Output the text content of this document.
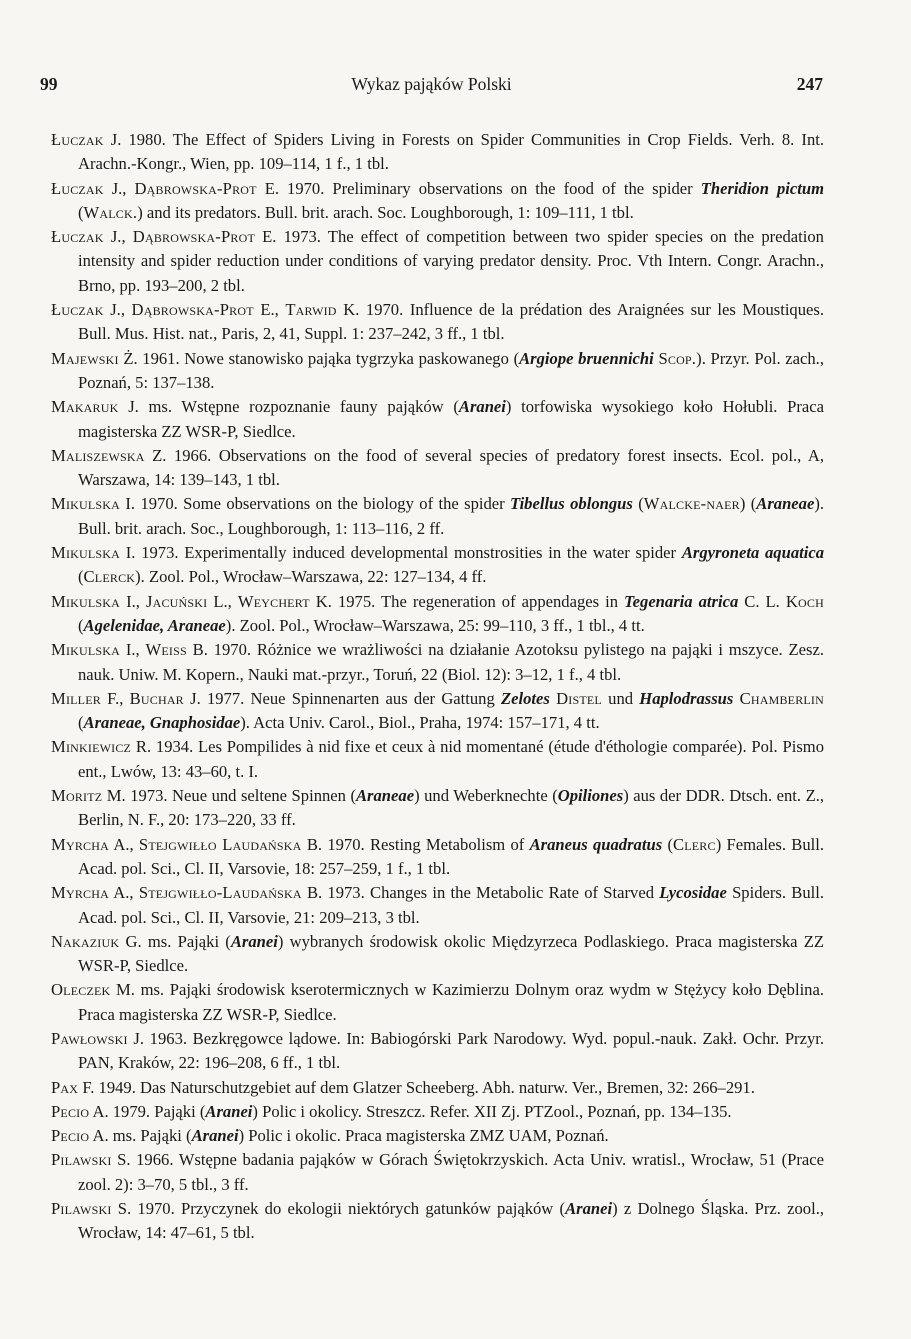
99	Wykaz pająków Polski	247

Łuczak J. 1980. The Effect of Spiders Living in Forests on Spider Communities in Crop Fields. Verh. 8. Int. Arachn.-Kongr., Wien, pp. 109–114, 1 f., 1 tbl.

Łuczak J., Dąbrowska-Prot E. 1970. Preliminary observations on the food of the spider Theridion pictum (Walck.) and its predators. Bull. brit. arach. Soc. Loughborough, 1: 109–111, 1 tbl.

Łuczak J., Dąbrowska-Prot E. 1973. The effect of competition between two spider species on the predation intensity and spider reduction under conditions of varying predator density. Proc. Vth Intern. Congr. Arachn., Brno, pp. 193–200, 2 tbl.

Łuczak J., Dąbrowska-Prot E., Tarwid K. 1970. Influence de la prédation des Araignées sur les Moustiques. Bull. Mus. Hist. nat., Paris, 2, 41, Suppl. 1: 237–242, 3 ff., 1 tbl.

Majewski Ż. 1961. Nowe stanowisko pająka tygrzyka paskowanego (Argiope bruennichi Scop.). Przyr. Pol. zach., Poznań, 5: 137–138.

Makaruk J. ms. Wstępne rozpoznanie fauny pająków (Aranei) torfowiska wysokiego koło Hołubli. Praca magisterska ZZ WSR-P, Siedlce.

Maliszewska Z. 1966. Observations on the food of several species of predatory forest insects. Ecol. pol., A, Warszawa, 14: 139–143, 1 tbl.

Mikulska I. 1970. Some observations on the biology of the spider Tibellus oblongus (Walcke-naer) (Araneae). Bull. brit. arach. Soc., Loughborough, 1: 113–116, 2 ff.

Mikulska I. 1973. Experimentally induced developmental monstrosities in the water spider Argyroneta aquatica (Clerck). Zool. Pol., Wrocław–Warszawa, 22: 127–134, 4 ff.

Mikulska I., Jacuński L., Weychert K. 1975. The regeneration of appendages in Tegenaria atrica C. L. Koch (Agelenidae, Araneae). Zool. Pol., Wrocław–Warszawa, 25: 99–110, 3 ff., 1 tbl., 4 tt.

Mikulska I., Weiss B. 1970. Różnice we wrażliwości na działanie Azotoksu pylistego na pająki i mszyce. Zesz. nauk. Uniw. M. Kopern., Nauki mat.-przyr., Toruń, 22 (Biol. 12): 3–12, 1 f., 4 tbl.

Miller F., Buchar J. 1977. Neue Spinnenarten aus der Gattung Zelotes Distel und Haplodrassus Chamberlin (Araneae, Gnaphosidae). Acta Univ. Carol., Biol., Praha, 1974: 157–171, 4 tt.

Minkiewicz R. 1934. Les Pompilides à nid fixe et ceux à nid momentané (étude d'éthologie comparée). Pol. Pismo ent., Lwów, 13: 43–60, t. I.

Moritz M. 1973. Neue und seltene Spinnen (Araneae) und Weberknechte (Opiliones) aus der DDR. Dtsch. ent. Z., Berlin, N. F., 20: 173–220, 33 ff.

Myrcha A., Stejgwiłło Laudańska B. 1970. Resting Metabolism of Araneus quadratus (Clerc) Females. Bull. Acad. pol. Sci., Cl. II, Varsovie, 18: 257–259, 1 f., 1 tbl.

Myrcha A., Stejgwiłło-Laudańska B. 1973. Changes in the Metabolic Rate of Starved Lycosidae Spiders. Bull. Acad. pol. Sci., Cl. II, Varsovie, 21: 209–213, 3 tbl.

Nakaziuk G. ms. Pająki (Aranei) wybranych środowisk okolic Międzyrzeca Podlaskiego. Praca magisterska ZZ WSR-P, Siedlce.

Oleczek M. ms. Pająki środowisk kserotermicznych w Kazimierzu Dolnym oraz wydm w Stężycy koło Dęblina. Praca magisterska ZZ WSR-P, Siedlce.

Pawłowski J. 1963. Bezkręgowce lądowe. In: Babiogórski Park Narodowy. Wyd. popul.-nauk. Zakł. Ochr. Przyr. PAN, Kraków, 22: 196–208, 6 ff., 1 tbl.

Pax F. 1949. Das Naturschutzgebiet auf dem Glatzer Scheeberg. Abh. naturw. Ver., Bremen, 32: 266–291.

Pecio A. 1979. Pająki (Aranei) Polic i okolicy. Streszcz. Refer. XII Zj. PTZool., Poznań, pp. 134–135.

Pecio A. ms. Pająki (Aranei) Polic i okolic. Praca magisterska ZMZ UAM, Poznań.

Pilawski S. 1966. Wstępne badania pająków w Górach Świętokrzyskich. Acta Univ. wratisl., Wrocław, 51 (Prace zool. 2): 3–70, 5 tbl., 3 ff.

Pilawski S. 1970. Przyczynek do ekologii niektórych gatunków pająków (Aranei) z Dolnego Śląska. Prz. zool., Wrocław, 14: 47–61, 5 tbl.
